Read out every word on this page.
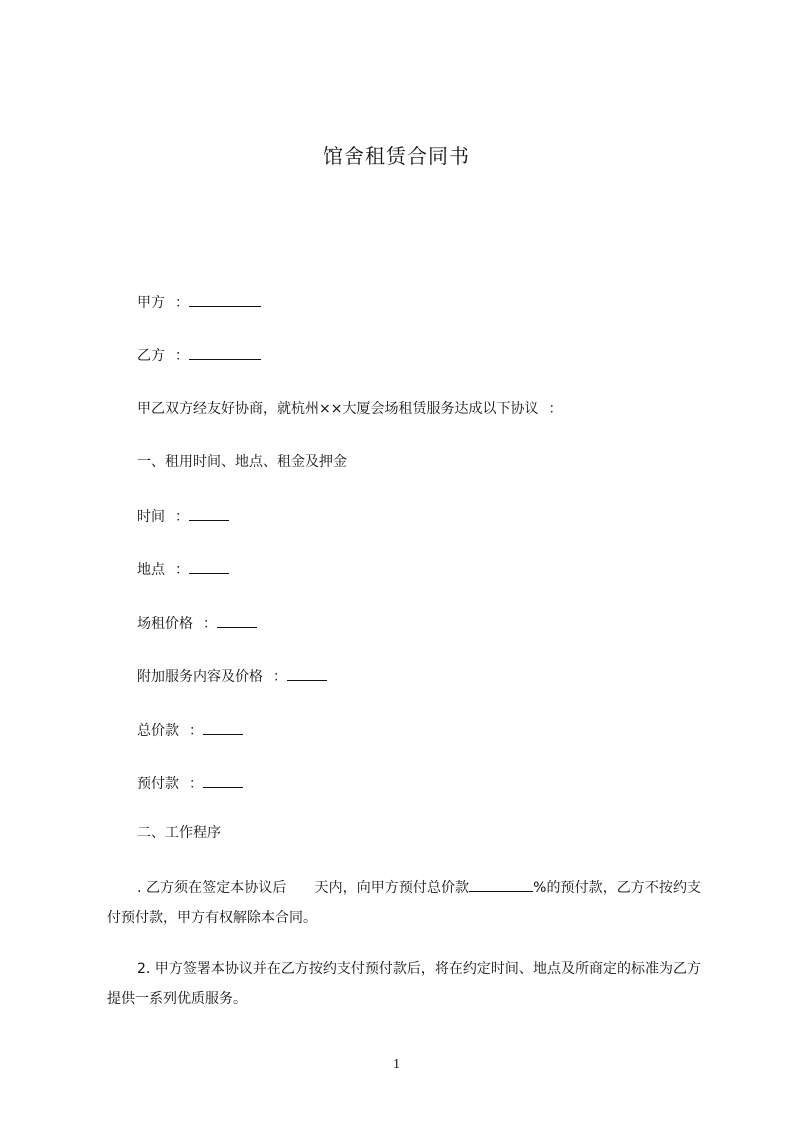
馆舍租赁合同书
甲方 ：
乙方 ：
甲乙双方经友好协商，就杭州××大厦会场租赁服务达成以下协议 ：
一、租用时间、地点、租金及押金
时间 ：
地点 ：
场租价格 ：
附加服务内容及价格 ：
总价款 ：
预付款 ：
二、工作程序
. 乙方须在签定本协议后 天内，向甲方预付总价款	%的预付款，乙方不按约支付预付款，甲方有权解除本合同。
2. 甲方签署本协议并在乙方按约支付预付款后，将在约定时间、地点及所商定的标准为乙方提供一系列优质服务。
1
